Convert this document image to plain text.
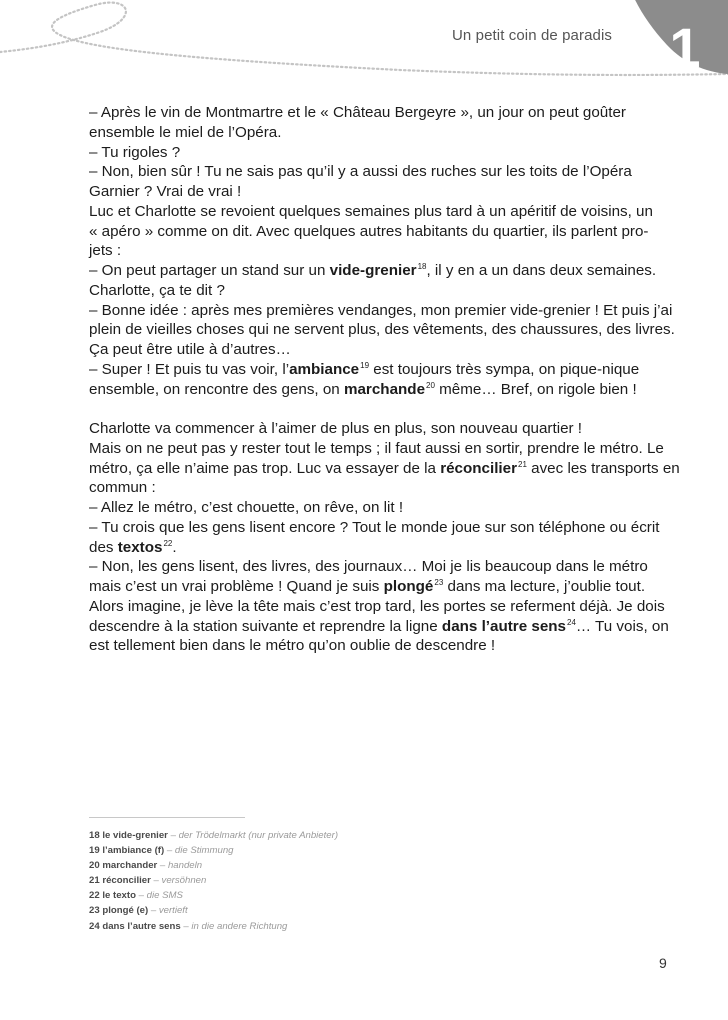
1
Un petit coin de paradis

– Après le vin de Montmartre et le « Château Bergeyre », un jour on peut goûter

ensemble le miel de l’Opéra.

– Tu rigoles ?

– Non, bien sûr ! Tu ne sais pas qu’il y a aussi des ruches sur les toits de l’Opéra

Garnier ? Vrai de vrai !

Luc et Charlotte se revoient quelques semaines plus tard à un apéritif de voisins, un

« apéro » comme on dit. Avec quelques autres habitants du quartier, ils parlent pro-

jets :

– On peut partager un stand sur un vide-grenier$^{18}$, il y en a un dans deux semaines.

Charlotte, ça te dit ?

– Bonne idée : après mes premières vendanges, mon premier vide-grenier ! Et puis j’ai

plein de vieilles choses qui ne servent plus, des vêtements, des chaussures, des livres.

Ça peut être utile à d’autres…

– Super ! Et puis tu vas voir, l’ambiance$^{19}$ est toujours très sympa, on pique-nique

ensemble, on rencontre des gens, on marchande$^{20}$ même… Bref, on rigole bien !

Charlotte va commencer à l’aimer de plus en plus, son nouveau quartier !

Mais on ne peut pas y rester tout le temps ; il faut aussi en sortir, prendre le métro. Le

métro, ça elle n’aime pas trop. Luc va essayer de la réconcilier$^{21}$ avec les transports en

commun :

– Allez le métro, c’est chouette, on rêve, on lit !

– Tu crois que les gens lisent encore ? Tout le monde joue sur son téléphone ou écrit

des textos$^{22}$.

– Non, les gens lisent, des livres, des journaux… Moi je lis beaucoup dans le métro

mais c’est un vrai problème ! Quand je suis plongé$^{23}$ dans ma lecture, j’oublie tout.

Alors imagine, je lève la tête mais c’est trop tard, les portes se referment déjà. Je dois

descendre à la station suivante et reprendre la ligne dans l’autre sens$^{24}$… Tu vois, on

est tellement bien dans le métro qu’on oublie de descendre !

18 le vide-grenier – der Trödelmarkt (nur private Anbieter)
19 l’ambiance (f) – die Stimmung
20 marchander – handeln
21 réconcilier – versöhnen
22 le texto – die SMS
23 plongé (e) – vertieft
24 dans l’autre sens – in die andere Richtung
9
